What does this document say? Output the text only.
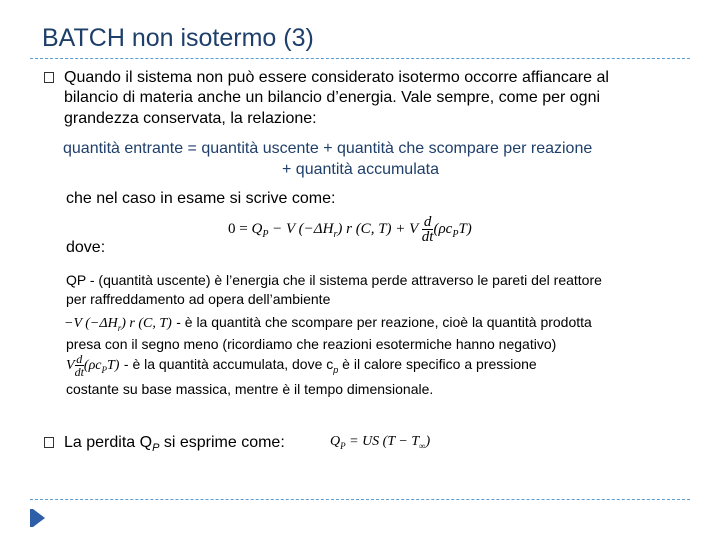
BATCH non isotermo (3)
Quando il sistema non può essere considerato isotermo occorre affiancare al
bilancio di materia anche un bilancio d’energia. Vale sempre, come per ogni
grandezza conservata, la relazione:
quantità entrante = quantità uscente + quantità che scompare per reazione
+ quantità accumulata
che nel caso in esame si scrive come:
$0 = Q_P - V$ $(-\Delta H_r)$ r (C, T) + V $\frac{d}{dt} (\rho c_PT)$
dove:
QP - (quantità uscente) è l’energia che il sistema perde attraverso le pareti del reattore
per raffreddamento ad opera dell’ambiente
−V $(-\Delta H_r)$ r (C, T) - è la quantità che scompare per reazione, cioè la quantità prodotta
presa con il segno meno (ricordiamo che reazioni esotermiche hanno negativo)
V $\frac{d}{dt} (\rho c_PT)$ - è la quantità accumulata, dove $c_p$ è il calore specifico a pressione
costante su base massica, mentre è il tempo dimensionale.
La perdita $Q_P$ si esprime come:	$Q_P$ = US $(T - T_\infty)$
